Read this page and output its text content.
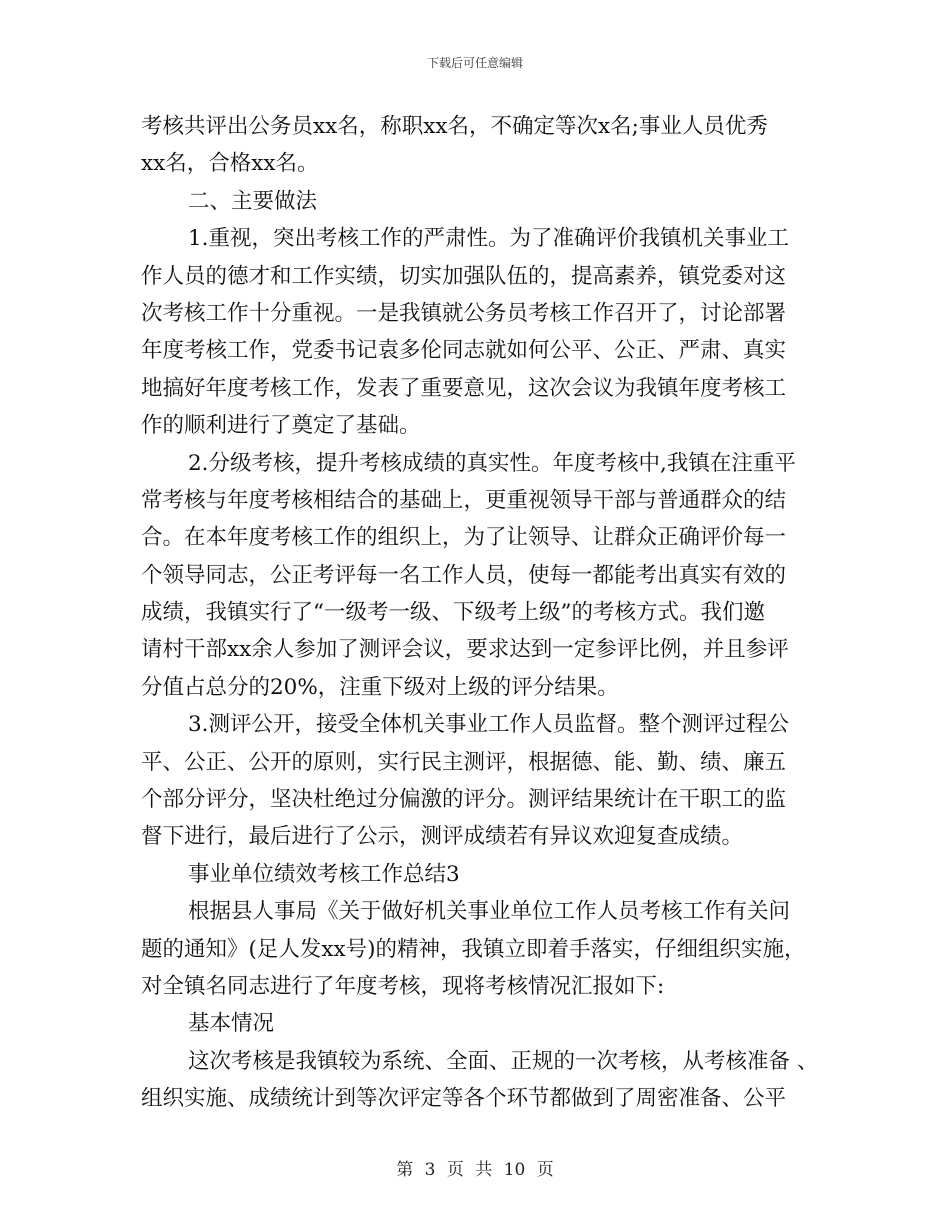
下载后可任意编辑
考核共评出公务员xx名，称职xx名，不确定等次x名;事业人员优秀
xx名，合格xx名。
二、主要做法
1.重视，突出考核工作的严肃性。为了准确评价我镇机关事业工
作人员的德才和工作实绩，切实加强队伍的，提高素养，镇党委对这
次考核工作十分重视。一是我镇就公务员考核工作召开了，讨论部署
年度考核工作，党委书记袁多伦同志就如何公平、公正、严肃、真实
地搞好年度考核工作，发表了重要意见，这次会议为我镇年度考核工
作的顺利进行了奠定了基础。
2.分级考核，提升考核成绩的真实性。年度考核中,我镇在注重平
常考核与年度考核相结合的基础上，更重视领导干部与普通群众的结
合。在本年度考核工作的组织上，为了让领导、让群众正确评价每一
个领导同志，公正考评每一名工作人员，使每一都能考出真实有效的
成绩，我镇实行了“一级考一级、下级考上级”的考核方式。我们邀
请村干部xx余人参加了测评会议，要求达到一定参评比例，并且参评
分值占总分的20%，注重下级对上级的评分结果。
3.测评公开，接受全体机关事业工作人员监督。整个测评过程公
平、公正、公开的原则，实行民主测评，根据德、能、勤、绩、廉五
个部分评分，坚决杜绝过分偏激的评分。测评结果统计在干职工的监
督下进行，最后进行了公示，测评成绩若有异议欢迎复查成绩。
事业单位绩效考核工作总结3
根据县人事局《关于做好机关事业单位工作人员考核工作有关问
题的通知》(足人发xx号)的精神，我镇立即着手落实，仔细组织实施，
对全镇名同志进行了年度考核，现将考核情况汇报如下:
基本情况
这次考核是我镇较为系统、全面、正规的一次考核，从考核准备 、
组织实施、成绩统计到等次评定等各个环节都做到了周密准备、公平
第 3 页 共 10 页
